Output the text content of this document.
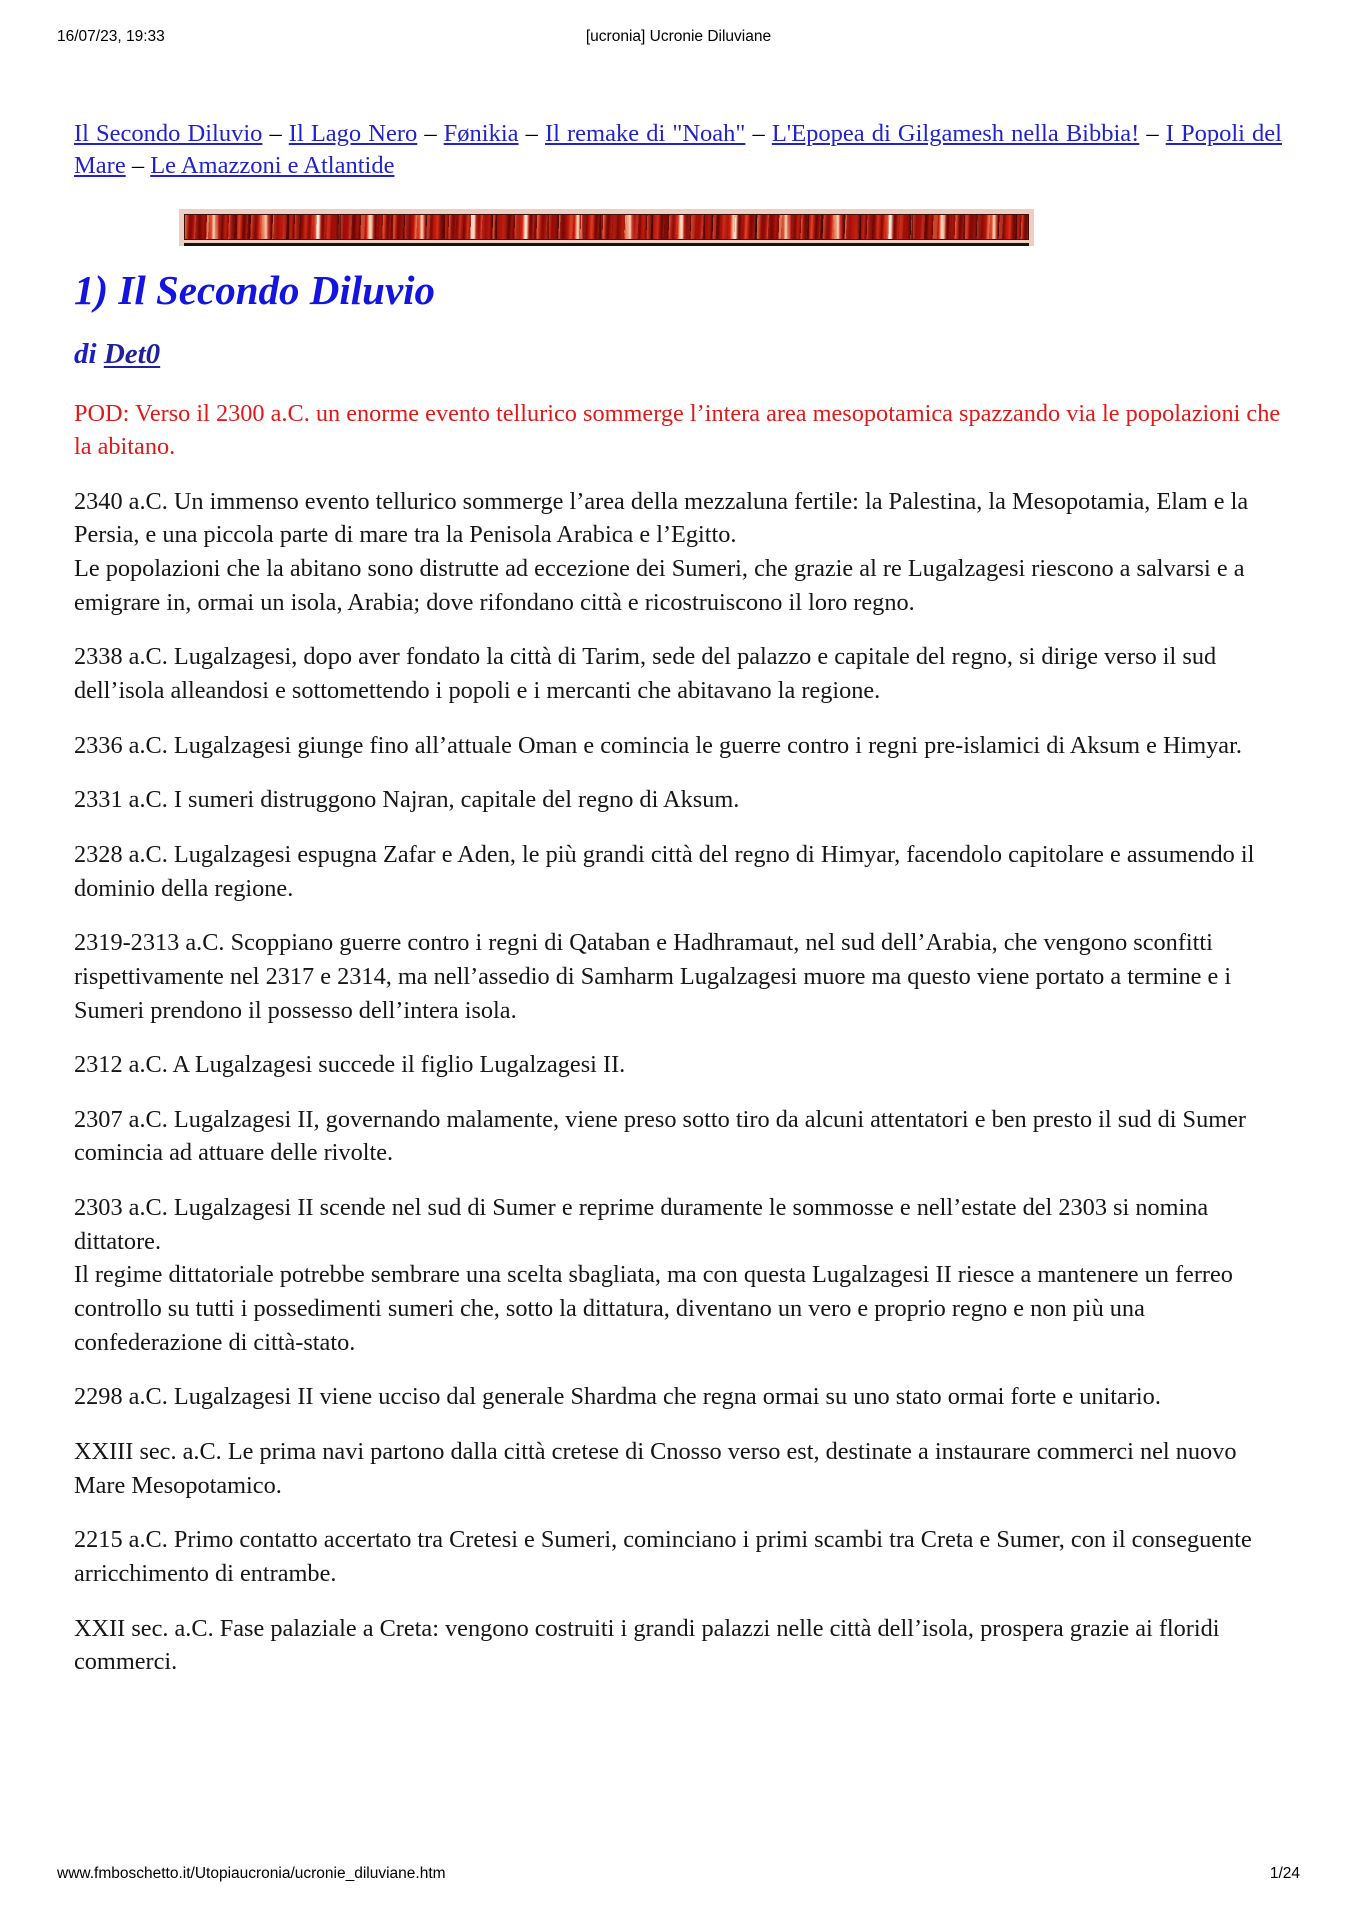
16/07/23, 19:33	[ucronia] Ucronie Diluviane

Il Secondo Diluvio – Il Lago Nero – Fønikia – Il remake di "Noah" – L'Epopea di Gilgamesh nella Bibbia! – I Popoli del Mare – Le Amazzoni e Atlantide

1) Il Secondo Diluvio
di Det0

POD: Verso il 2300 a.C. un enorme evento tellurico sommerge l’intera area mesopotamica spazzando via le popolazioni che la abitano.

2340 a.C. Un immenso evento tellurico sommerge l’area della mezzaluna fertile: la Palestina, la Mesopotamia, Elam e la Persia, e una piccola parte di mare tra la Penisola Arabica e l’Egitto.
Le popolazioni che la abitano sono distrutte ad eccezione dei Sumeri, che grazie al re Lugalzagesi riescono a salvarsi e a emigrare in, ormai un isola, Arabia; dove rifondano città e ricostruiscono il loro regno.

2338 a.C. Lugalzagesi, dopo aver fondato la città di Tarim, sede del palazzo e capitale del regno, si dirige verso il sud dell’isola alleandosi e sottomettendo i popoli e i mercanti che abitavano la regione.

2336 a.C. Lugalzagesi giunge fino all’attuale Oman e comincia le guerre contro i regni pre-islamici di Aksum e Himyar.

2331 a.C. I sumeri distruggono Najran, capitale del regno di Aksum.

2328 a.C. Lugalzagesi espugna Zafar e Aden, le più grandi città del regno di Himyar, facendolo capitolare e assumendo il dominio della regione.

2319-2313 a.C. Scoppiano guerre contro i regni di Qataban e Hadhramaut, nel sud dell’Arabia, che vengono sconfitti rispettivamente nel 2317 e 2314, ma nell’assedio di Samharm Lugalzagesi muore ma questo viene portato a termine e i Sumeri prendono il possesso dell’intera isola.

2312 a.C. A Lugalzagesi succede il figlio Lugalzagesi II.

2307 a.C. Lugalzagesi II, governando malamente, viene preso sotto tiro da alcuni attentatori e ben presto il sud di Sumer comincia ad attuare delle rivolte.

2303 a.C. Lugalzagesi II scende nel sud di Sumer e reprime duramente le sommosse e nell’estate del 2303 si nomina dittatore.
Il regime dittatoriale potrebbe sembrare una scelta sbagliata, ma con questa Lugalzagesi II riesce a mantenere un ferreo controllo su tutti i possedimenti sumeri che, sotto la dittatura, diventano un vero e proprio regno e non più una confederazione di città-stato.

2298 a.C. Lugalzagesi II viene ucciso dal generale Shardma che regna ormai su uno stato ormai forte e unitario.

XXIII sec. a.C. Le prima navi partono dalla città cretese di Cnosso verso est, destinate a instaurare commerci nel nuovo Mare Mesopotamico.

2215 a.C. Primo contatto accertato tra Cretesi e Sumeri, cominciano i primi scambi tra Creta e Sumer, con il conseguente arricchimento di entrambe.

XXII sec. a.C. Fase palaziale a Creta: vengono costruiti i grandi palazzi nelle città dell’isola, prospera grazie ai floridi commerci.

www.fmboschetto.it/Utopiaucronia/ucronie_diluviane.htm	1/24
